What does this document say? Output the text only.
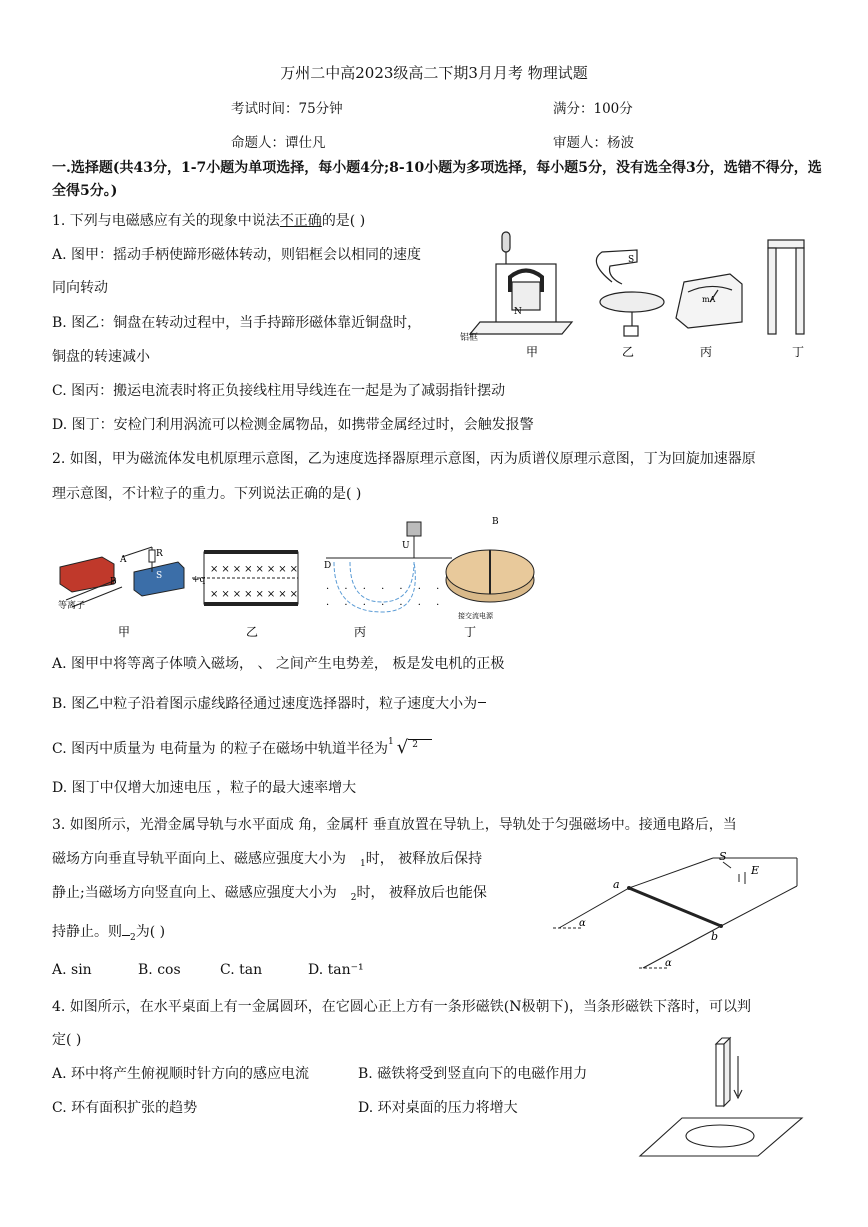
万州二中高2023级高二下期3月月考 物理试题
考试时间：75分钟	满分：100分
命题人：谭仕凡	审题人：杨波
一.选择题(共43分，1-7小题为单项选择，每小题4分;8-10小题为多项选择，每小题5分，没有选全得3分，选错不得分，选全得5分。)
1. 下列与电磁感应有关的现象中说法不正确的是( )
A. 图甲：摇动手柄使蹄形磁体转动，则铝框会以相同的速度
同向转动
B. 图乙：铜盘在转动过程中，当手持蹄形磁体靠近铜盘时，
铜盘的转速减小
C. 图丙：搬运电流表时将正负接线柱用导线连在一起是为了减弱指针摆动
D. 图丁：安检门利用涡流可以检测金属物品，如携带金属经过时，会触发报警
铝框
N
S
mA
甲	乙	丙	丁
2. 如图，甲为磁流体发电机原理示意图，乙为速度选择器原理示意图，丙为质谱仪原理示意图，丁为回旋加速器原
理示意图，不计粒子的重力。下列说法正确的是( )
等离子
R
A
B
S
××××××××
××××××××
+q
· · · · · · ·
· · · · · · ·
D
U
接交流电源
B
甲	乙	丙	丁
A. 图甲中将等离子体喷入磁场， 、 之间产生电势差， 板是发电机的正极
B. 图乙中粒子沿着图示虚线路径通过速度选择器时，粒子速度大小为
C. 图丙中质量为 电荷量为 的粒子在磁场中轨道半径为$^1$ √ 2
D. 图丁中仅增大加速电压 ，粒子的最大速率增大
3. 如图所示，光滑金属导轨与水平面成 角，金属杆 垂直放置在导轨上，导轨处于匀强磁场中。接通电路后，当
磁场方向垂直导轨平面向上、磁感应强度大小为 $_1$时， 被释放后保持
静止;当磁场方向竖直向上、磁感应强度大小为 $_2$时， 被释放后也能保
持静止。则 $_2$为( )
A. sin	B. cos	C. tan	D. tan⁻¹
a
b
S
E
α
α
4. 如图所示，在水平桌面上有一金属圆环，在它圆心正上方有一条形磁铁(N极朝下)，当条形磁铁下落时，可以判
定( )
A. 环中将产生俯视顺时针方向的感应电流	B. 磁铁将受到竖直向下的电磁作用力
C. 环有面积扩张的趋势	D. 环对桌面的压力将增大
